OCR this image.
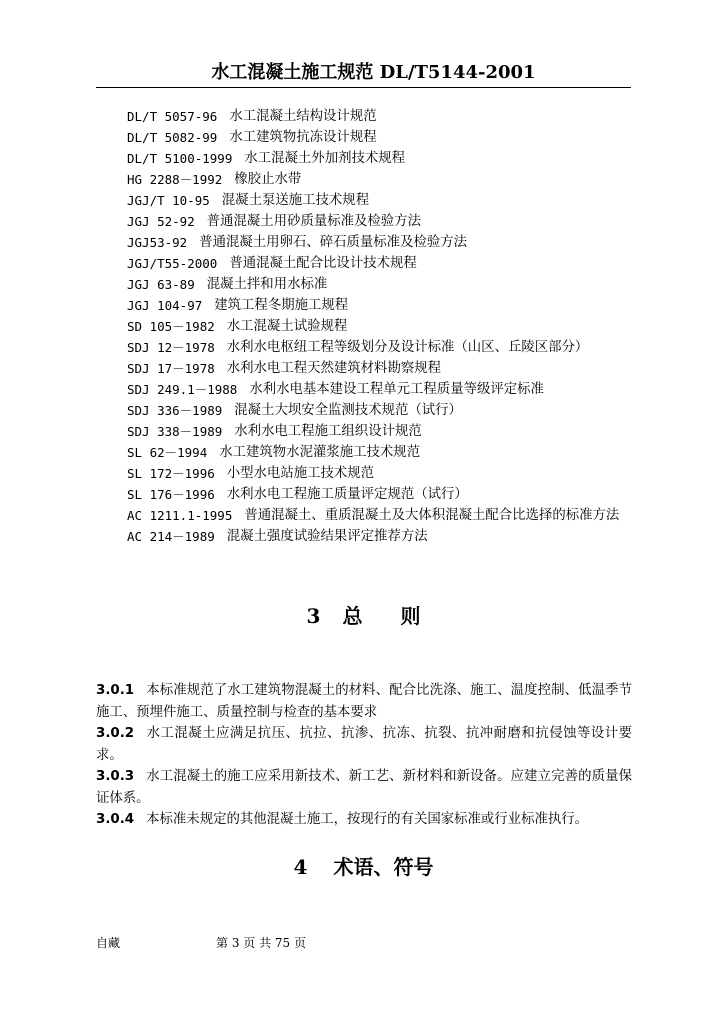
水工混凝土施工规范 DL/T5144-2001
DL/T 5057-96 水工混凝土结构设计规范
DL/T 5082-99 水工建筑物抗冻设计规程
DL/T 5100-1999 水工混凝土外加剂技术规程
HG 2288－1992 橡胶止水带
JGJ/T 10-95 混凝土泵送施工技术规程
JGJ 52-92 普通混凝土用砂质量标准及检验方法
JGJ53-92 普通混凝土用卵石、碎石质量标准及检验方法
JGJ/T55-2000 普通混凝土配合比设计技术规程
JGJ 63-89 混凝土拌和用水标准
JGJ 104-97 建筑工程冬期施工规程
SD 105－1982 水工混凝土试验规程
SDJ 12－1978 水利水电枢纽工程等级划分及设计标准（山区、丘陵区部分）
SDJ 17－1978 水利水电工程天然建筑材料勘察规程
SDJ 249.1－1988 水利水电基本建设工程单元工程质量等级评定标准
SDJ 336－1989 混凝土大坝安全监测技术规范（试行）
SDJ 338－1989 水利水电工程施工组织设计规范
SL 62－1994 水工建筑物水泥灌浆施工技术规范
SL 172－1996 小型水电站施工技术规范
SL 176－1996 水利水电工程施工质量评定规范（试行）
AC 1211.1-1995 普通混凝土、重质混凝土及大体积混凝土配合比选择的标准方法
AC 214－1989 混凝土强度试验结果评定推荐方法
3 总 则

3.0.1 本标准规范了水工建筑物混凝土的材料、配合比洗涤、施工、温度控制、低温季节施工、预埋件施工、质量控制与检查的基本要求

3.0.2 水工混凝土应满足抗压、抗拉、抗渗、抗冻、抗裂、抗冲耐磨和抗侵蚀等设计要求。

3.0.3 水工混凝土的施工应采用新技术、新工艺、新材料和新设备。应建立完善的质量保证体系。

3.0.4 本标准未规定的其他混凝土施工，按现行的有关国家标准或行业标准执行。

4 术语、符号
自藏	第 3 页 共 75 页
